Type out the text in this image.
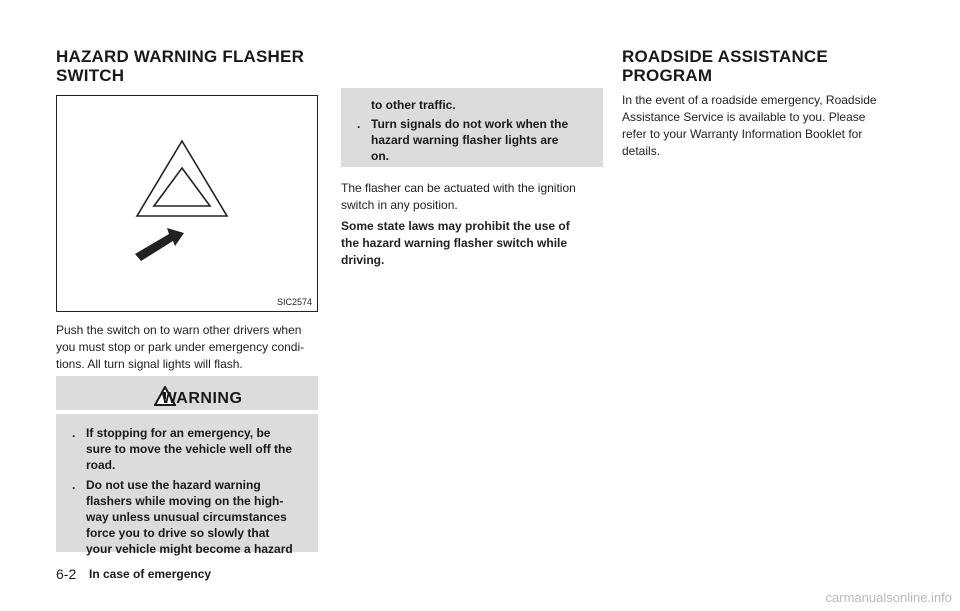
HAZARD WARNING FLASHER
SWITCH
SIC2574
Push the switch on to warn other drivers when
you must stop or park under emergency condi-
tions. All turn signal lights will flash.
WARNING
. If stopping for an emergency, be
sure to move the vehicle well off the
road.
. Do not use the hazard warning
flashers while moving on the high-
way unless unusual circumstances
force you to drive so slowly that
your vehicle might become a hazard
to other traffic.
. Turn signals do not work when the
hazard warning flasher lights are
on.
The flasher can be actuated with the ignition
switch in any position.
Some state laws may prohibit the use of
the hazard warning flasher switch while
driving.
ROADSIDE ASSISTANCE
PROGRAM
In the event of a roadside emergency, Roadside
Assistance Service is available to you. Please
refer to your Warranty Information Booklet for
details.
6-2 In case of emergency
carmanualsonline.info
